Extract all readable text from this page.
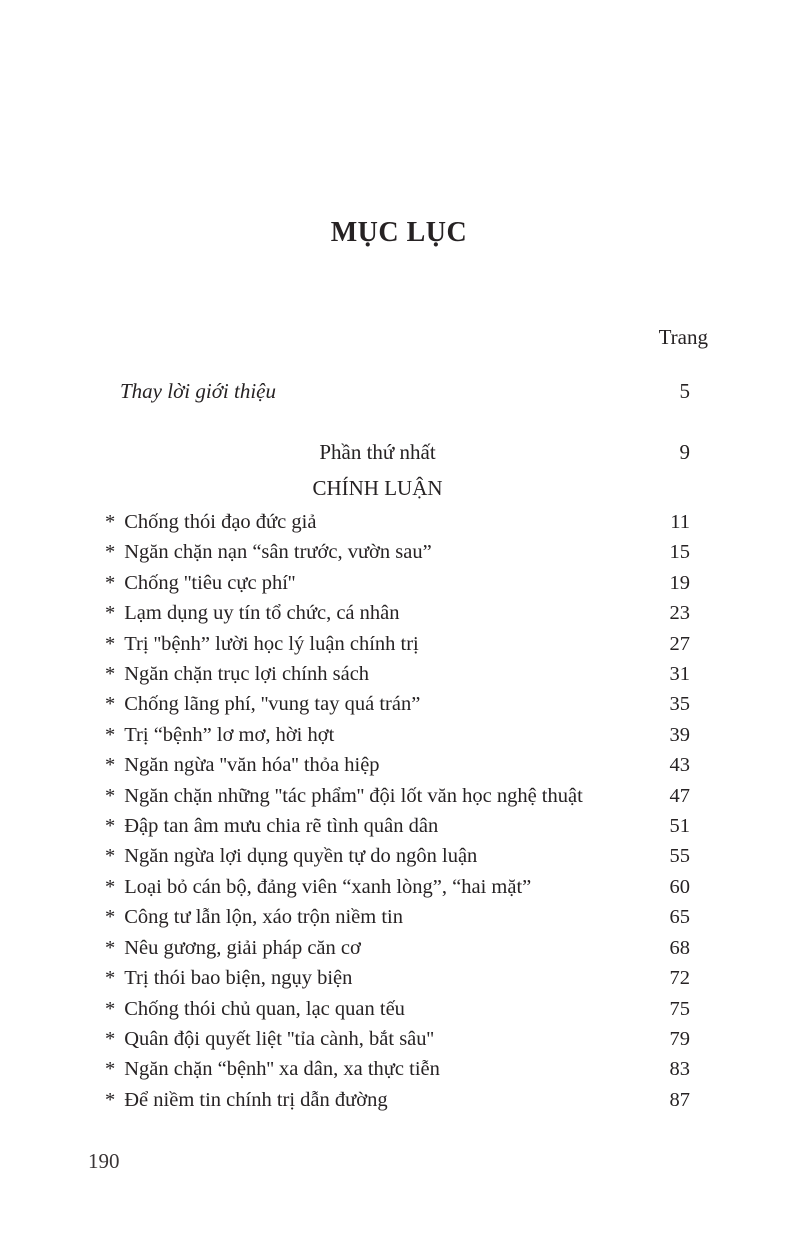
MỤC LỤC
Trang
Thay lời giới thiệu	5
Phần thứ nhất	9
CHÍNH LUẬN
* Chống thói đạo đức giả	11
* Ngăn chặn nạn “sân trước, vườn sau”	15
* Chống ''tiêu cực phí''	19
* Lạm dụng uy tín tổ chức, cá nhân	23
* Trị ''bệnh” lười học lý luận chính trị	27
* Ngăn chặn trục lợi chính sách	31
* Chống lãng phí, ''vung tay quá trán”	35
* Trị “bệnh” lơ mơ, hời hợt	39
* Ngăn ngừa ''văn hóa'' thỏa hiệp	43
* Ngăn chặn những ''tác phẩm'' đội lốt văn học nghệ thuật	47
* Đập tan âm mưu chia rẽ tình quân dân	51
* Ngăn ngừa lợi dụng quyền tự do ngôn luận	55
* Loại bỏ cán bộ, đảng viên “xanh lòng”, “hai mặt”	60
* Công tư lẫn lộn, xáo trộn niềm tin	65
* Nêu gương, giải pháp căn cơ	68
* Trị thói bao biện, ngụy biện	72
* Chống thói chủ quan, lạc quan tếu	75
* Quân đội quyết liệt ''tỉa cành, bắt sâu''	79
* Ngăn chặn “bệnh'' xa dân, xa thực tiễn	83
* Để niềm tin chính trị dẫn đường	87
190
